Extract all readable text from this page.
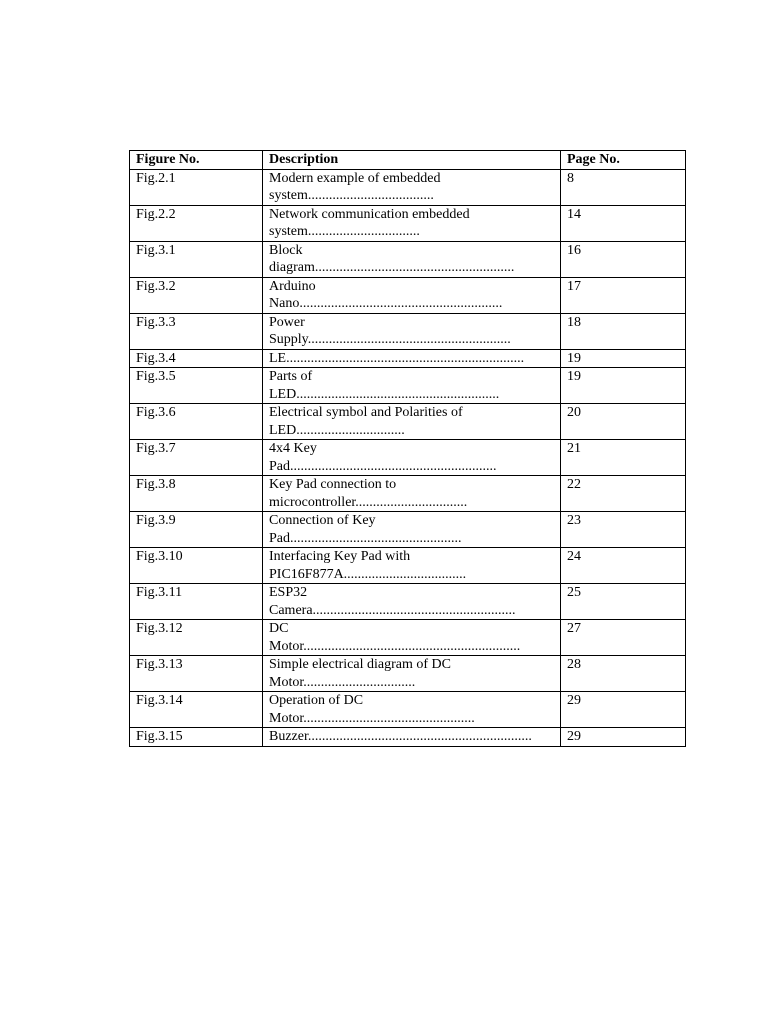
Figure No.	Description	Page No.
Fig.2.1	Modern example of embedded
system....................................	8
Fig.2.2	Network communication embedded
system................................	14
Fig.3.1	Block
diagram.........................................................	16
Fig.3.2	Arduino
Nano..........................................................	17
Fig.3.3	Power
Supply..........................................................	18
Fig.3.4	LE....................................................................	19
Fig.3.5	Parts of
LED..........................................................	19
Fig.3.6	Electrical symbol and Polarities of
LED...............................	20
Fig.3.7	4x4 Key
Pad...........................................................	21
Fig.3.8	Key Pad connection to
microcontroller................................	22
Fig.3.9	Connection of Key
Pad.................................................	23
Fig.3.10	Interfacing Key Pad with
PIC16F877A...................................	24
Fig.3.11	ESP32
Camera..........................................................	25
Fig.3.12	DC
Motor..............................................................	27
Fig.3.13	Simple electrical diagram of DC
Motor................................	28
Fig.3.14	Operation of DC
Motor.................................................	29
Fig.3.15	Buzzer................................................................	29
